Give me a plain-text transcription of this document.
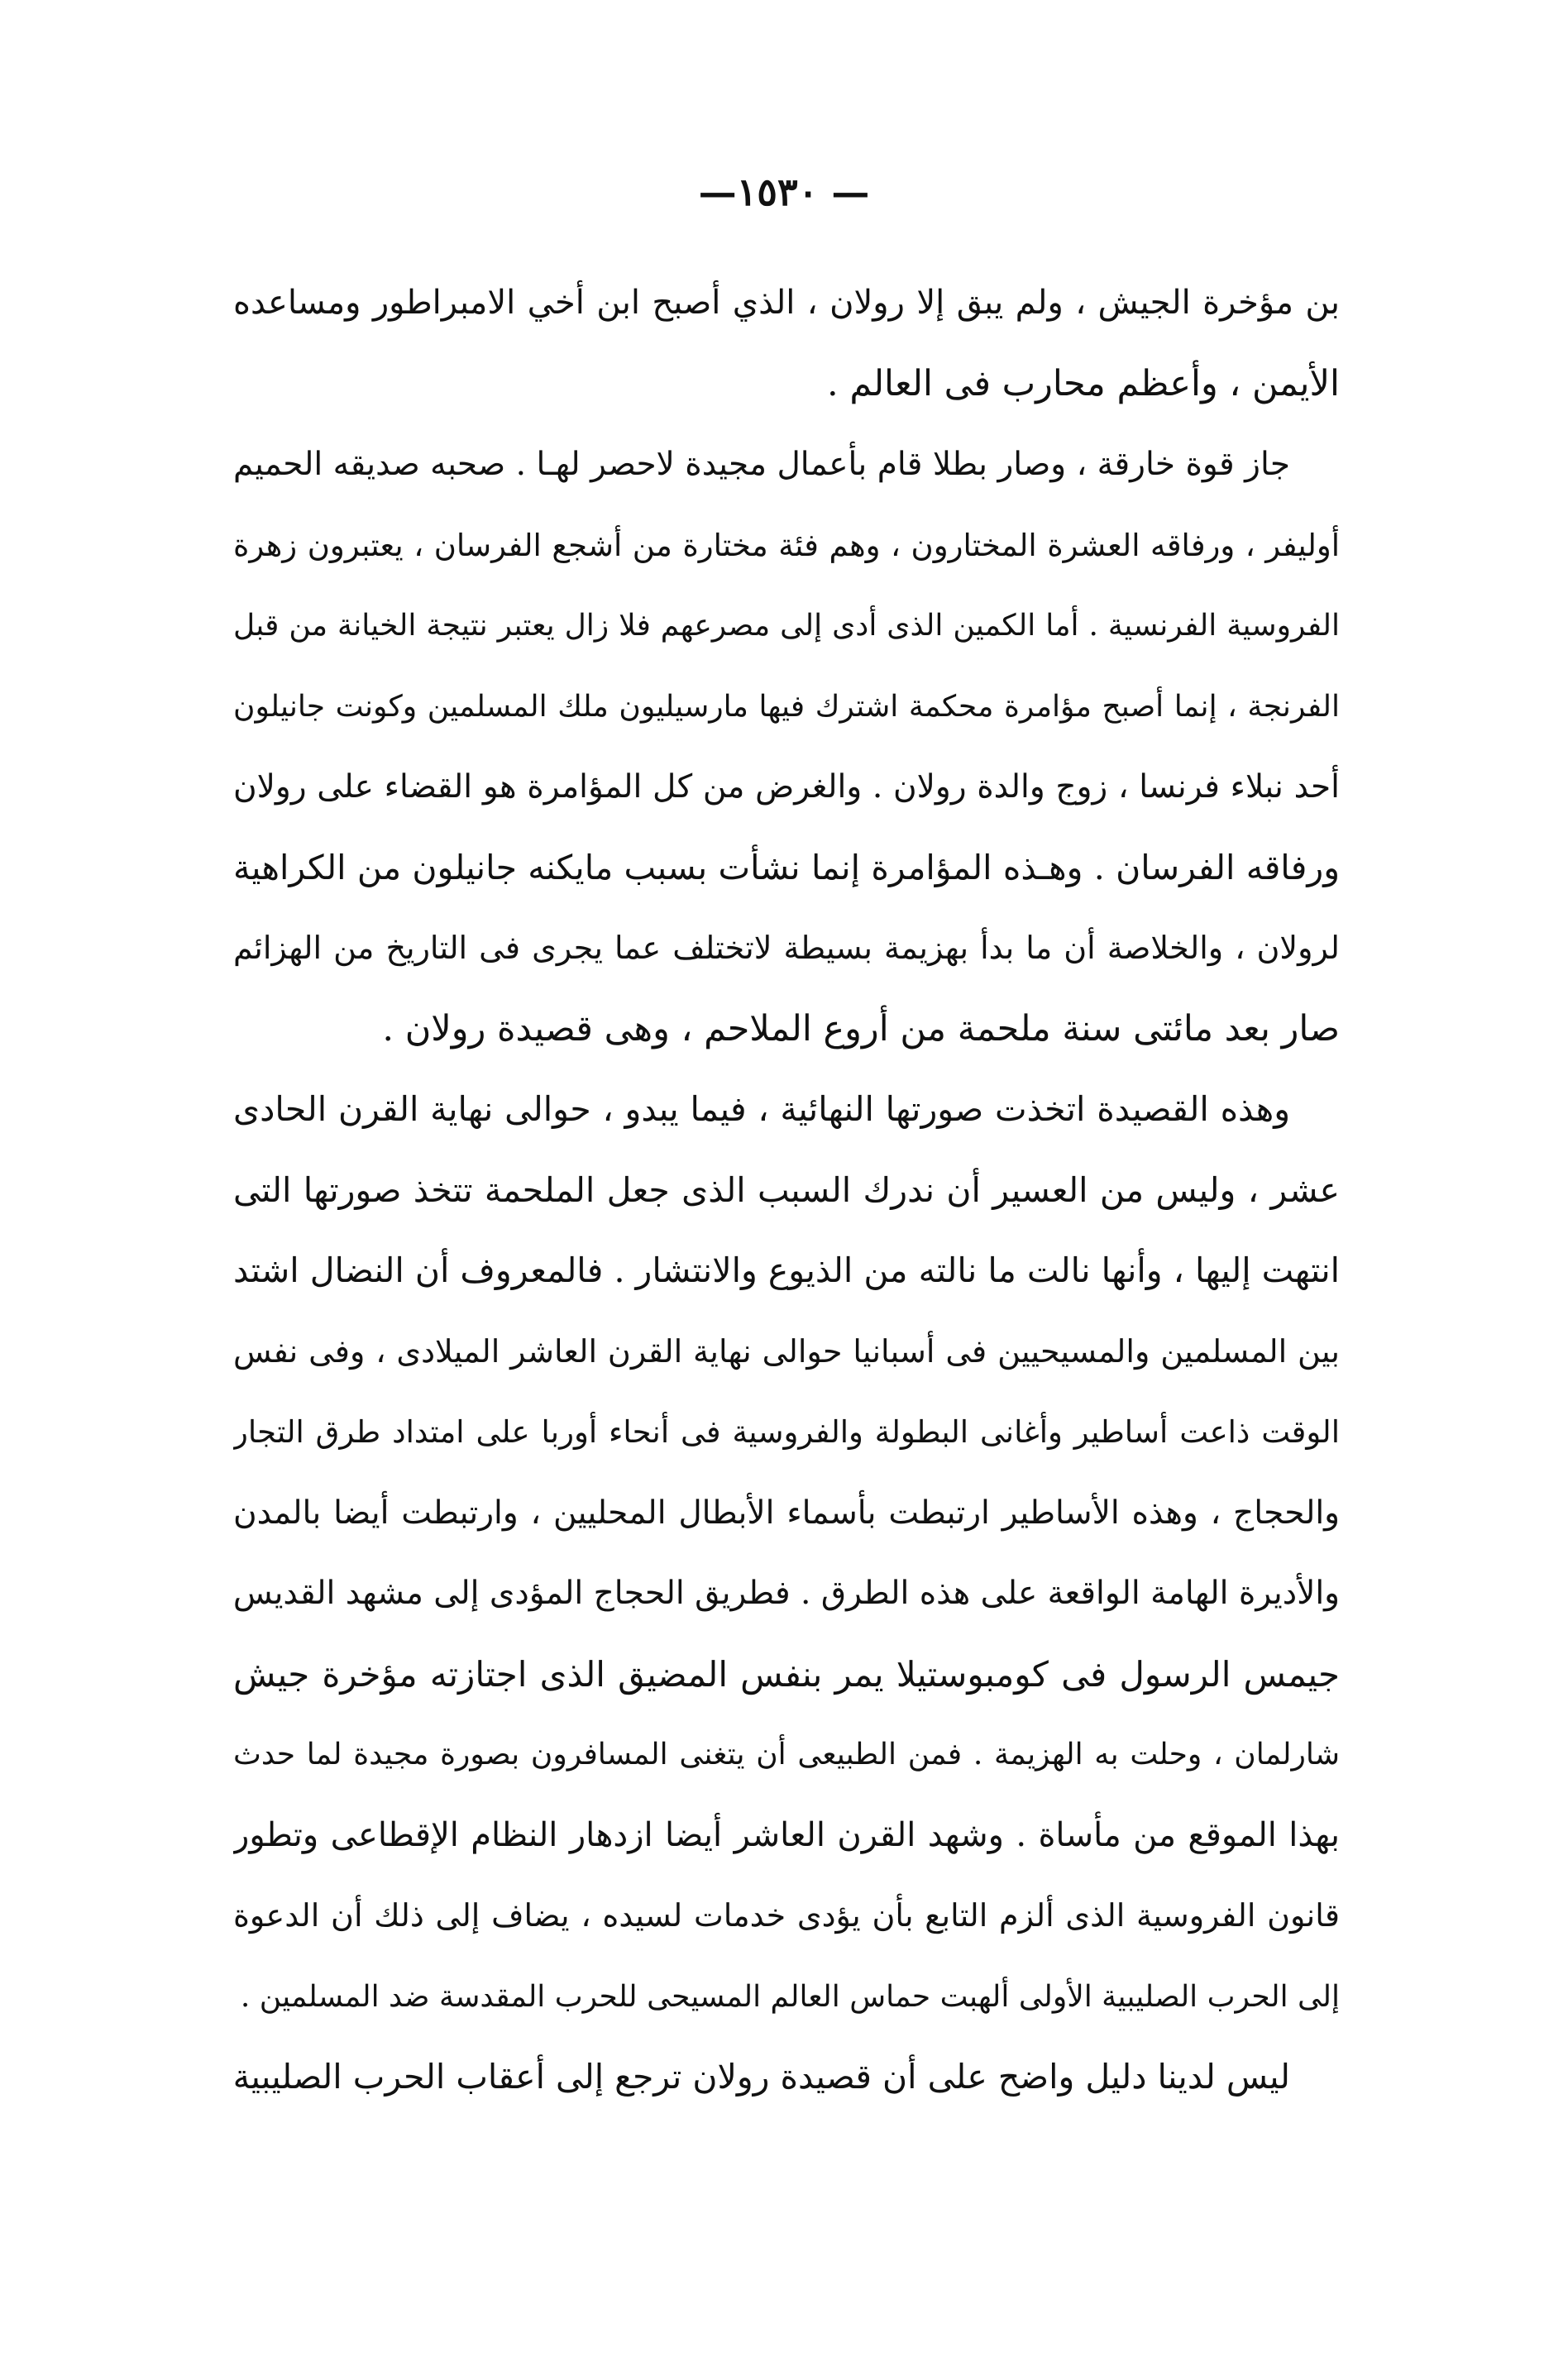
— ١٥٣٠—
بن مؤخرة الجيش ، ولم يبق إلا رولان ، الذي أصبح ابن أخي الامبراطور ومساعده
الأيمن ، وأعظم محارب فى العالم .
جاز قوة خارقة ، وصار بطلا قام بأعمال مجيدة لاحصر لهـا . صحبه صديقه الحميم
أوليفر ، ورفاقه العشرة المختارون ، وهم فئة مختارة من أشجع الفرسان ، يعتبرون زهرة
الفروسية الفرنسية . أما الكمين الذى أدى إلى مصرعهم فلا زال يعتبر نتيجة الخيانة من قبل
الفرنجة ، إنما أصبح مؤامرة محكمة اشترك فيها مارسيليون ملك المسلمين وكونت جانيلون
أحد نبلاء فرنسا ، زوج والدة رولان . والغرض من كل المؤامرة هو القضاء على رولان
ورفاقه الفرسان . وهـذه المؤامرة إنما نشأت بسبب مايكنه جانيلون من الكراهية
لرولان ، والخلاصة أن ما بدأ بهزيمة بسيطة لاتختلف عما يجرى فى التاريخ من الهزائم
صار بعد مائتى سنة ملحمة من أروع الملاحم ، وهى قصيدة رولان .
وهذه القصيدة اتخذت صورتها النهائية ، فيما يبدو ، حوالى نهاية القرن الحادى
عشر ، وليس من العسير أن ندرك السبب الذى جعل الملحمة تتخذ صورتها التى
انتهت إليها ، وأنها نالت ما نالته من الذيوع والانتشار . فالمعروف أن النضال اشتد
بين المسلمين والمسيحيين فى أسبانيا حوالى نهاية القرن العاشر الميلادى ، وفى نفس
الوقت ذاعت أساطير وأغانى البطولة والفروسية فى أنحاء أوربا على امتداد طرق التجار
والحجاج ، وهذه الأساطير ارتبطت بأسماء الأبطال المحليين ، وارتبطت أيضا بالمدن
والأديرة الهامة الواقعة على هذه الطرق . فطريق الحجاج المؤدى إلى مشهد القديس
جيمس الرسول فى كومبوستيلا يمر بنفس المضيق الذى اجتازته مؤخرة جيش
شارلمان ، وحلت به الهزيمة . فمن الطبيعى أن يتغنى المسافرون بصورة مجيدة لما حدث
بهذا الموقع من مأساة . وشهد القرن العاشر أيضا ازدهار النظام الإقطاعى وتطور
قانون الفروسية الذى ألزم التابع بأن يؤدى خدمات لسيده ، يضاف إلى ذلك أن الدعوة
إلى الحرب الصليبية الأولى ألهبت حماس العالم المسيحى للحرب المقدسة ضد المسلمين .
ليس لدينا دليل واضح على أن قصيدة رولان ترجع إلى أعقاب الحرب الصليبية
